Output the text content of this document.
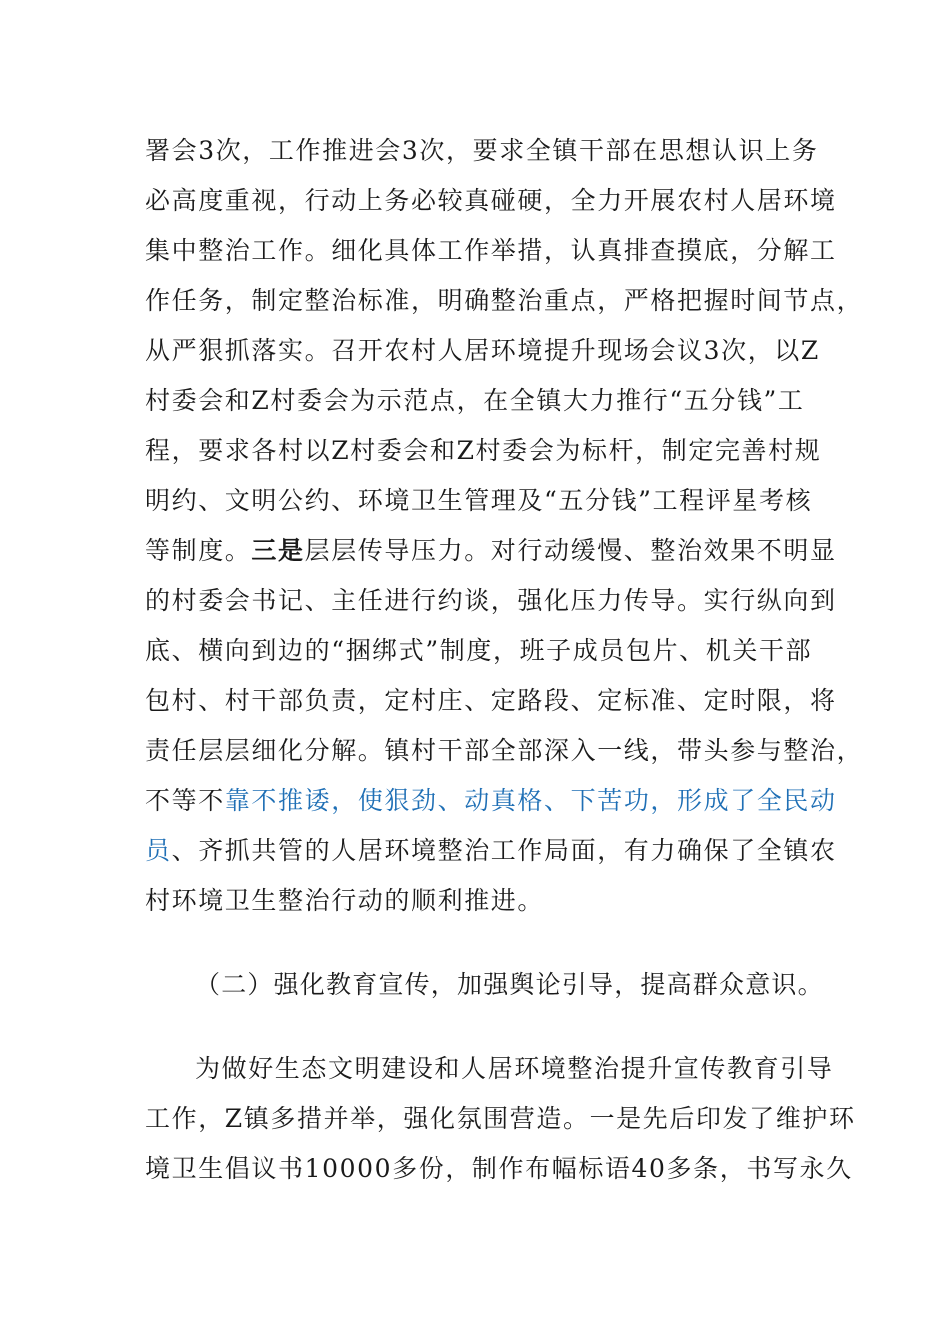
署会3次，工作推进会3次，要求全镇干部在思想认识上务
必高度重视，行动上务必较真碰硬，全力开展农村人居环境
集中整治工作。细化具体工作举措，认真排查摸底，分解工
作任务，制定整治标准，明确整治重点，严格把握时间节点，
从严狠抓落实。召开农村人居环境提升现场会议3次，以Z
村委会和Z村委会为示范点，在全镇大力推行“五分钱”工
程，要求各村以Z村委会和Z村委会为标杆，制定完善村规
明约、文明公约、环境卫生管理及“五分钱”工程评星考核
等制度。三是层层传导压力。对行动缓慢、整治效果不明显
的村委会书记、主任进行约谈，强化压力传导。实行纵向到
底、横向到边的“捆绑式”制度，班子成员包片、机关干部
包村、村干部负责，定村庄、定路段、定标准、定时限，将
责任层层细化分解。镇村干部全部深入一线，带头参与整治，
不等不靠不推诿，使狠劲、动真格、下苦功，形成了全民动
员、齐抓共管的人居环境整治工作局面，有力确保了全镇农
村环境卫生整治行动的顺利推进。
（二）强化教育宣传，加强舆论引导，提高群众意识。
为做好生态文明建设和人居环境整治提升宣传教育引导
工作，Z镇多措并举，强化氛围营造。一是先后印发了维护环
境卫生倡议书10000多份，制作布幅标语40多条，书写永久
